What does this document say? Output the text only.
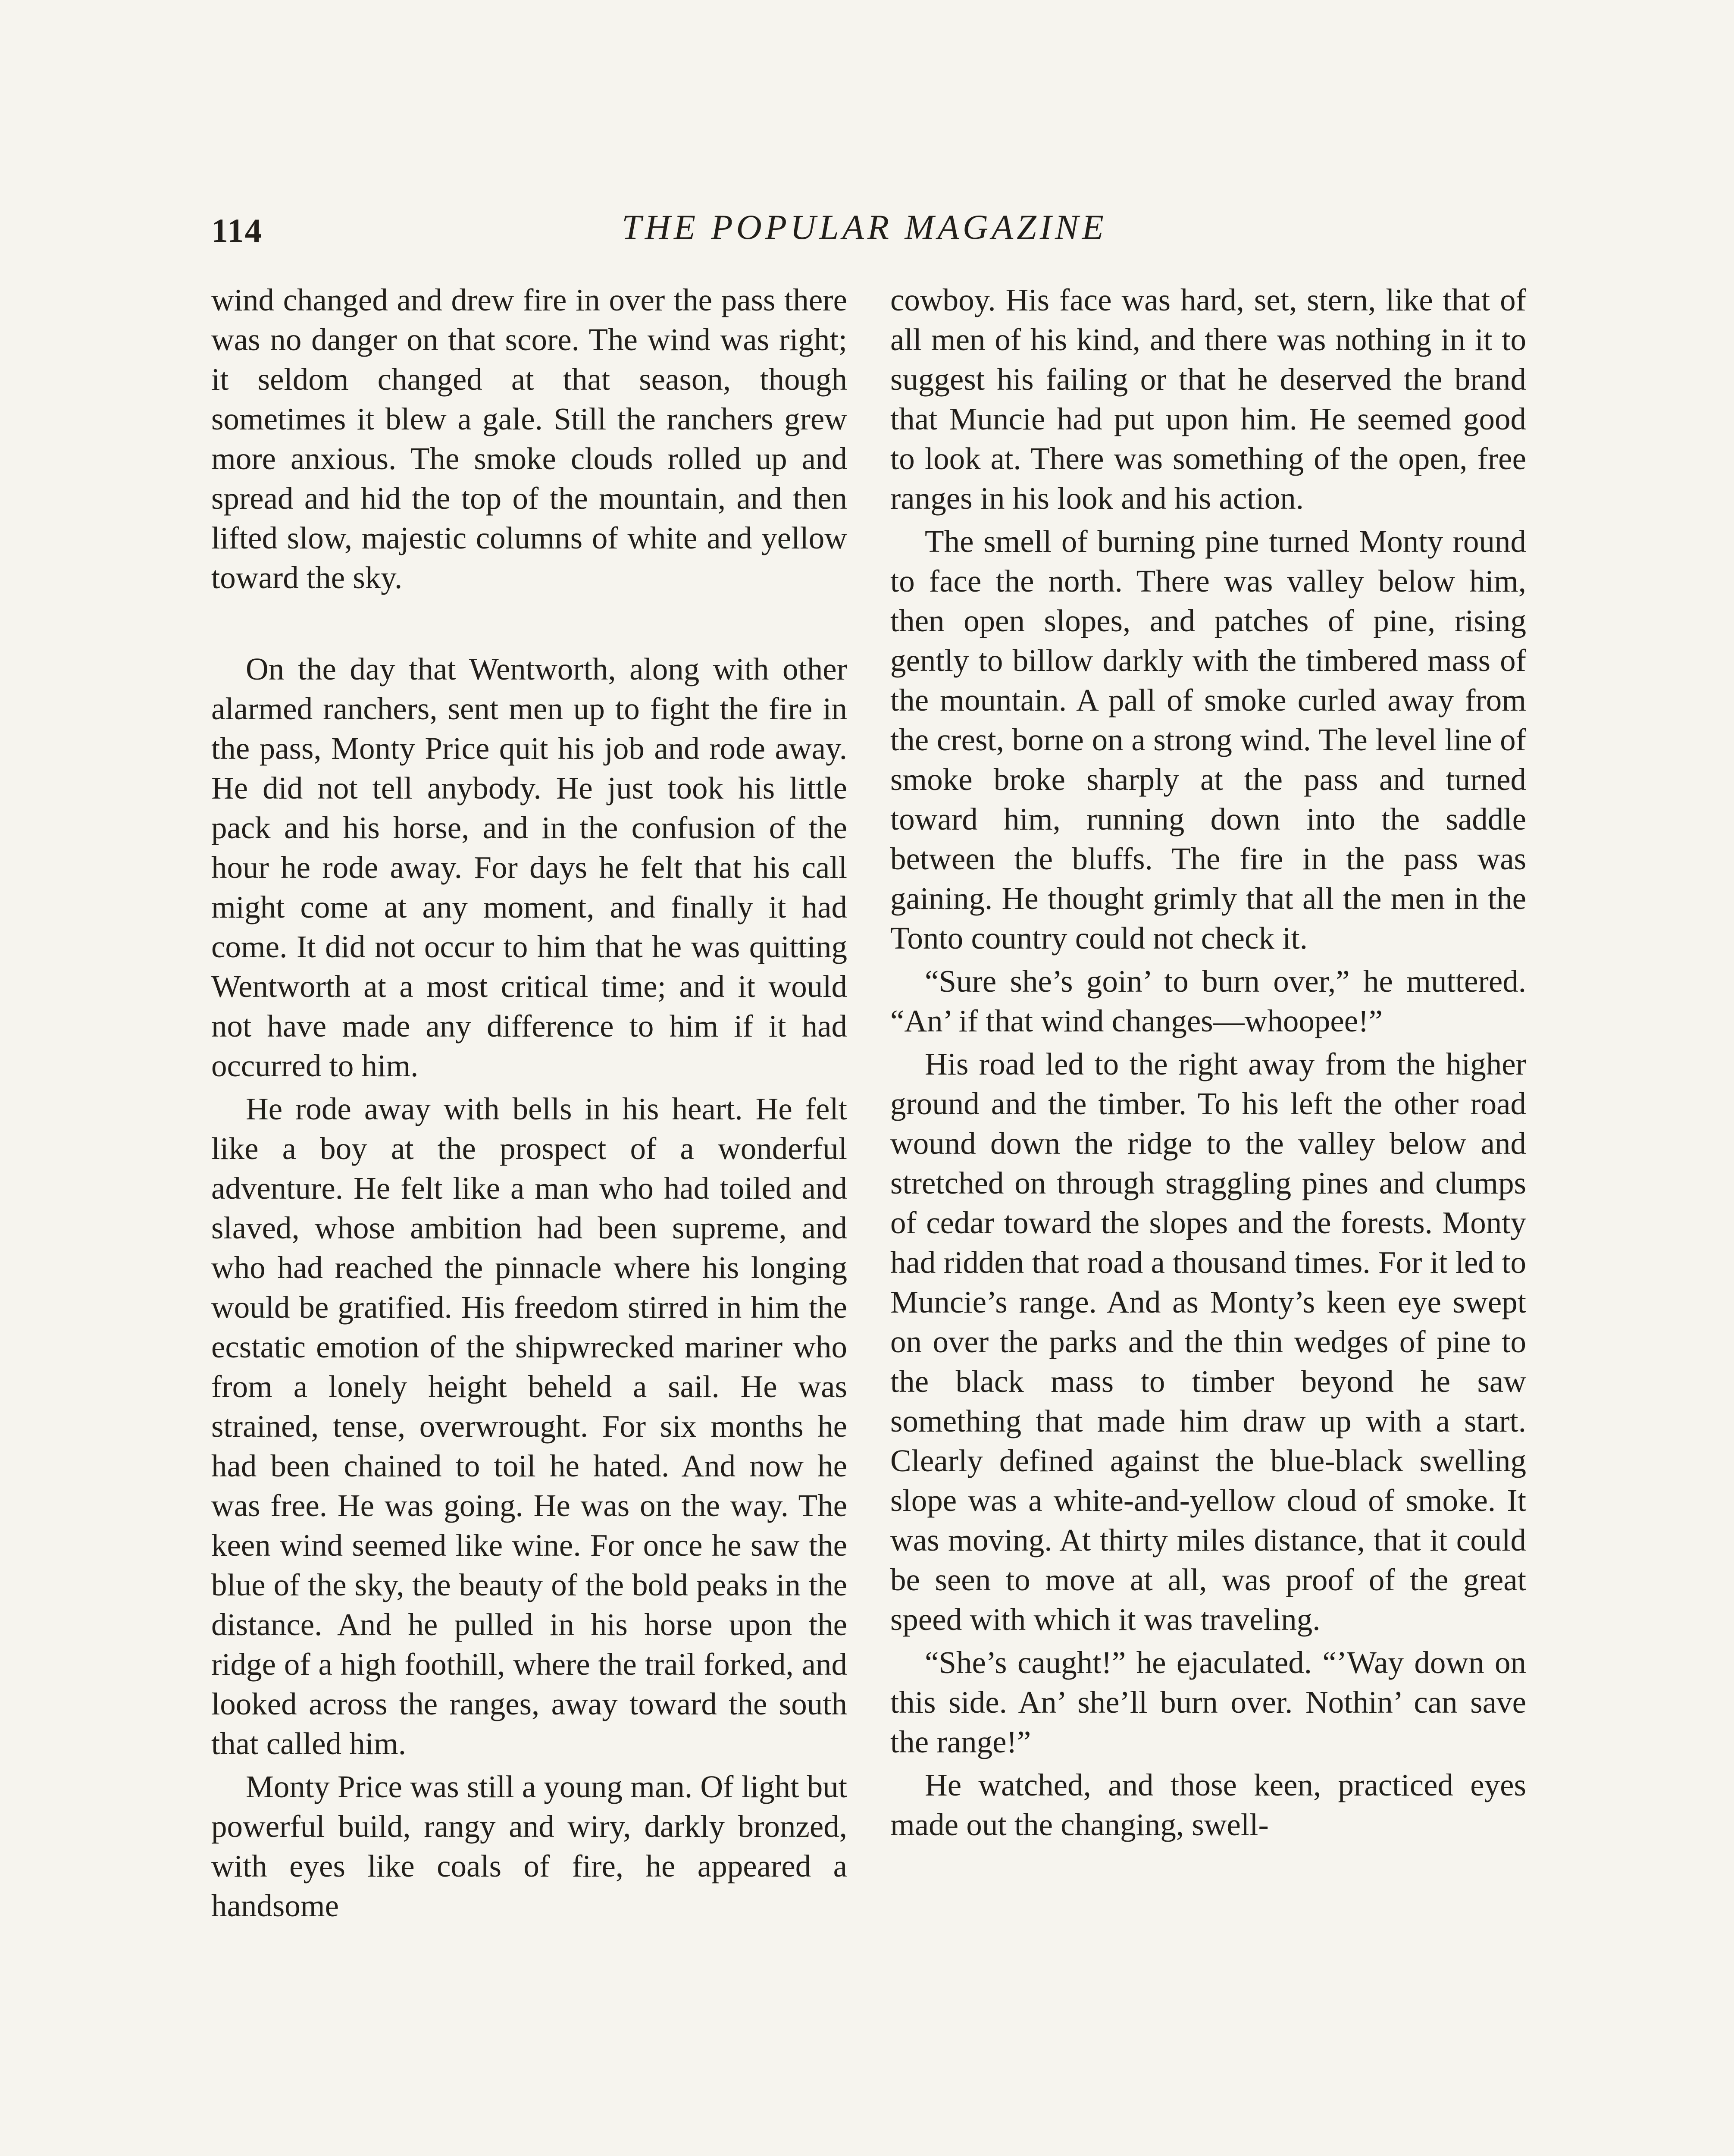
114	THE POPULAR MAGAZINE

wind changed and drew fire in over the pass there was no danger on that score. The wind was right; it seldom changed at that season, though sometimes it blew a gale. Still the ranchers grew more anxious. The smoke clouds rolled up and spread and hid the top of the mountain, and then lifted slow, majestic columns of white and yellow toward the sky.

On the day that Wentworth, along with other alarmed ranchers, sent men up to fight the fire in the pass, Monty Price quit his job and rode away. He did not tell anybody. He just took his little pack and his horse, and in the confusion of the hour he rode away. For days he felt that his call might come at any moment, and finally it had come. It did not occur to him that he was quitting Wentworth at a most critical time; and it would not have made any difference to him if it had occurred to him.

He rode away with bells in his heart. He felt like a boy at the prospect of a wonderful adventure. He felt like a man who had toiled and slaved, whose ambition had been supreme, and who had reached the pinnacle where his longing would be gratified. His freedom stirred in him the ecstatic emotion of the shipwrecked mariner who from a lonely height beheld a sail. He was strained, tense, overwrought. For six months he had been chained to toil he hated. And now he was free. He was going. He was on the way. The keen wind seemed like wine. For once he saw the blue of the sky, the beauty of the bold peaks in the distance. And he pulled in his horse upon the ridge of a high foothill, where the trail forked, and looked across the ranges, away toward the south that called him.

Monty Price was still a young man. Of light but powerful build, rangy and wiry, darkly bronzed, with eyes like coals of fire, he appeared a handsome

cowboy. His face was hard, set, stern, like that of all men of his kind, and there was nothing in it to suggest his failing or that he deserved the brand that Muncie had put upon him. He seemed good to look at. There was something of the open, free ranges in his look and his action.

The smell of burning pine turned Monty round to face the north. There was valley below him, then open slopes, and patches of pine, rising gently to billow darkly with the timbered mass of the mountain. A pall of smoke curled away from the crest, borne on a strong wind. The level line of smoke broke sharply at the pass and turned toward him, running down into the saddle between the bluffs. The fire in the pass was gaining. He thought grimly that all the men in the Tonto country could not check it.

“Sure she’s goin’ to burn over,” he muttered. “An’ if that wind changes—whoopee!”

His road led to the right away from the higher ground and the timber. To his left the other road wound down the ridge to the valley below and stretched on through straggling pines and clumps of cedar toward the slopes and the forests. Monty had ridden that road a thousand times. For it led to Muncie’s range. And as Monty’s keen eye swept on over the parks and the thin wedges of pine to the black mass to timber beyond he saw something that made him draw up with a start. Clearly defined against the blue-black swelling slope was a white-and-yellow cloud of smoke. It was moving. At thirty miles distance, that it could be seen to move at all, was proof of the great speed with which it was traveling.

“She’s caught!” he ejaculated. “’Way down on this side. An’ she’ll burn over. Nothin’ can save the range!”

He watched, and those keen, practiced eyes made out the changing, swell-
